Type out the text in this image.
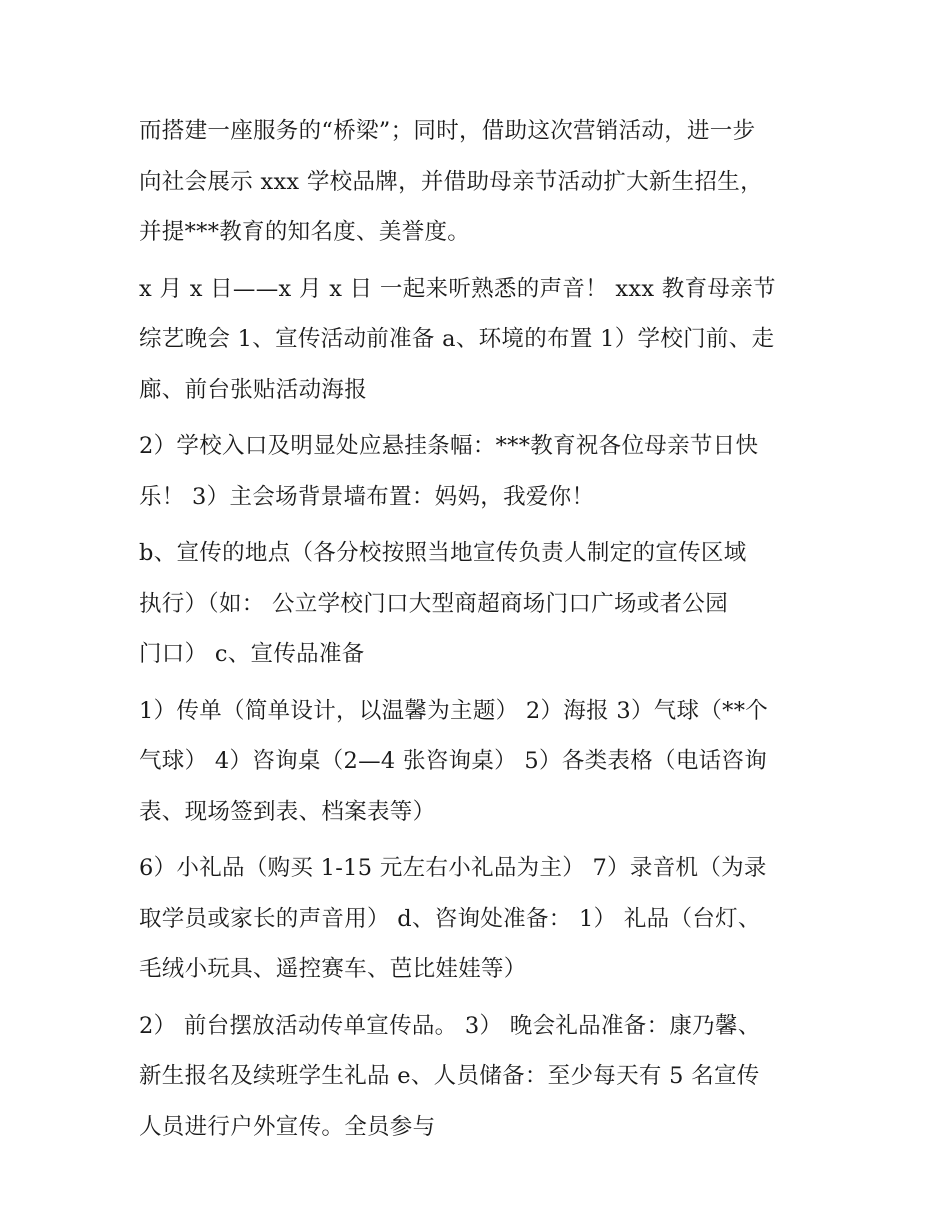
而搭建一座服务的“桥梁”；同时，借助这次营销活动，进一步
向社会展示 xxx 学校品牌，并借助母亲节活动扩大新生招生，
并提***教育的知名度、美誉度。
x 月 x 日——x 月 x 日 一起来听熟悉的声音！ xxx 教育母亲节
综艺晚会 1、宣传活动前准备 a、环境的布置 1）学校门前、走
廊、前台张贴活动海报
2）学校入口及明显处应悬挂条幅：***教育祝各位母亲节日快
乐！ 3）主会场背景墙布置：妈妈，我爱你！
b、宣传的地点（各分校按照当地宣传负责人制定的宣传区域
执行）（如： 公立学校门口大型商超商场门口广场或者公园
门口） c、宣传品准备
1）传单（简单设计，以温馨为主题） 2）海报 3）气球（**个
气球） 4）咨询桌（2—4 张咨询桌） 5）各类表格（电话咨询
表、现场签到表、档案表等）
6）小礼品（购买 1-15 元左右小礼品为主） 7）录音机（为录
取学员或家长的声音用） d、咨询处准备： 1） 礼品（台灯、
毛绒小玩具、遥控赛车、芭比娃娃等）
2） 前台摆放活动传单宣传品。 3） 晚会礼品准备：康乃馨、
新生报名及续班学生礼品 e、人员储备：至少每天有 5 名宣传
人员进行户外宣传。全员参与
